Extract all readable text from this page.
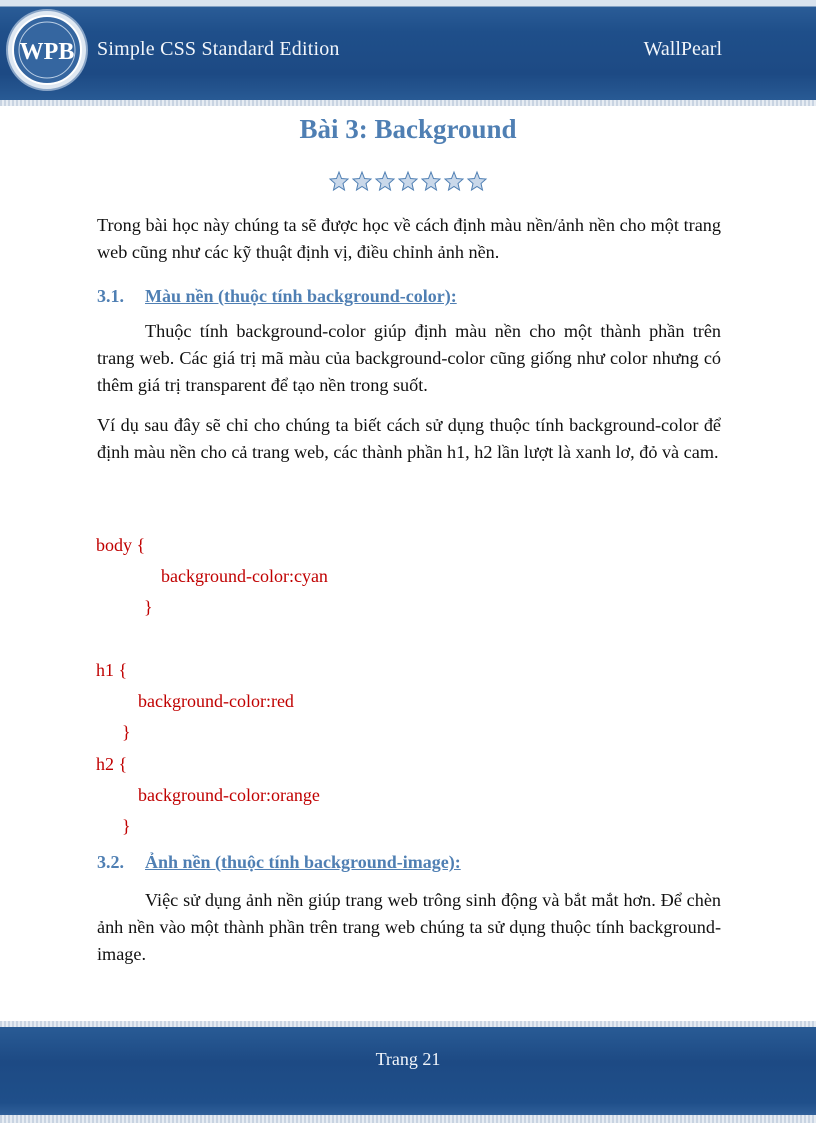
WPB Simple CSS Standard Edition	WallPearl
Bài 3: Background

Trong bài học này chúng ta sẽ được học về cách định màu nền/ảnh nền cho một trang web cũng như các kỹ thuật định vị, điều chỉnh ảnh nền.

3.1. Màu nền (thuộc tính background-color):

Thuộc tính background-color giúp định màu nền cho một thành phần trên trang web. Các giá trị mã màu của background-color cũng giống như color nhưng có thêm giá trị transparent để tạo nền trong suốt.

Ví dụ sau đây sẽ chỉ cho chúng ta biết cách sử dụng thuộc tính background-color để định màu nền cho cả trang web, các thành phần h1, h2 lần lượt là xanh lơ, đỏ và cam.

body {
background-color:cyan
}
h1 {
background-color:red
}
h2 {
background-color:orange
}
3.2. Ảnh nền (thuộc tính background-image):

Việc sử dụng ảnh nền giúp trang web trông sinh động và bắt mắt hơn. Để chèn ảnh nền vào một thành phần trên trang web chúng ta sử dụng thuộc tính background-image.

Trang 21
